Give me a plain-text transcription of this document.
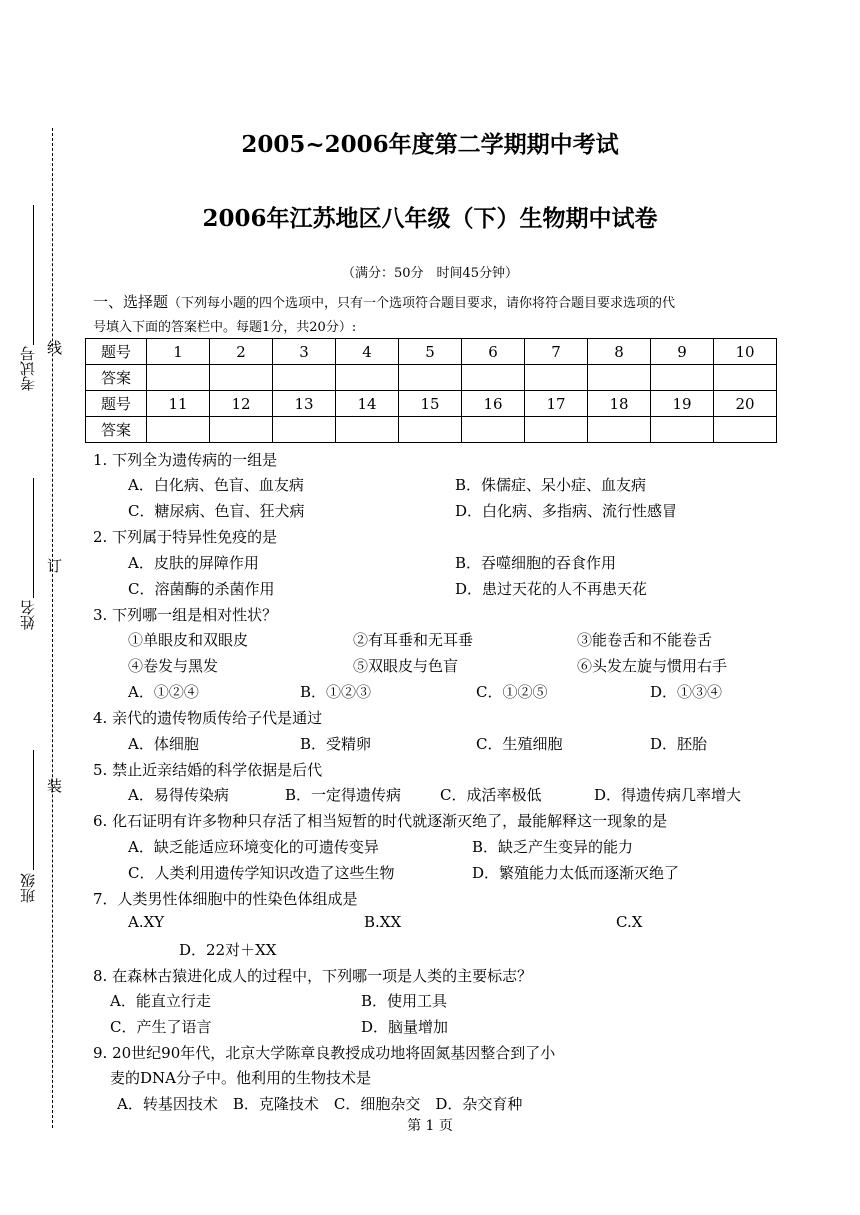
考试号 线
姓名
订
班级
装
2005~2006年度第二学期期中考试
2006年江苏地区八年级（下）生物期中试卷
（满分：50分　时间45分钟）
一、选择题（下列每小题的四个选项中，只有一个选项符合题目要求，请你将符合题目要求选项的代
号填入下面的答案栏中。每题1分，共20分）:
题号	1	2	3	4	5	6	7	8	9	10
答案										
题号	11	12	13	14	15	16	17	18	19	20
答案										
1. 下列全为遗传病的一组是
A．白化病、色盲、血友病	B．侏儒症、呆小症、血友病
C．糖尿病、色盲、狂犬病	D．白化病、多指病、流行性感冒
2. 下列属于特异性免疫的是
A．皮肤的屏障作用	B．吞噬细胞的吞食作用
C．溶菌酶的杀菌作用	D．患过天花的人不再患天花
3. 下列哪一组是相对性状？
①单眼皮和双眼皮	②有耳垂和无耳垂	③能卷舌和不能卷舌
④卷发与黑发	⑤双眼皮与色盲	⑥头发左旋与惯用右手
A．①②④	B．①②③	C．①②⑤	D．①③④
4. 亲代的遗传物质传给子代是通过
A．体细胞	B．受精卵	C．生殖细胞	D．胚胎
5. 禁止近亲结婚的科学依据是后代
A．易得传染病	B．一定得遗传病	C．成活率极低	D．得遗传病几率增大
6. 化石证明有许多物种只存活了相当短暂的时代就逐渐灭绝了，最能解释这一现象的是
A．缺乏能适应环境变化的可遗传变异	B．缺乏产生变异的能力
C．人类利用遗传学知识改造了这些生物	D．繁殖能力太低而逐渐灭绝了
7．人类男性体细胞中的性染色体组成是
A.XY	B.XX	C.X
D．22对＋XX
8. 在森林古猿进化成人的过程中，下列哪一项是人类的主要标志？
A．能直立行走	B．使用工具
C．产生了语言	D．脑量增加
9. 20世纪90年代，北京大学陈章良教授成功地将固氮基因整合到了小
麦的DNA分子中。他利用的生物技术是
A．转基因技术　B．克隆技术　C．细胞杂交　D．杂交育种
第 1 页
